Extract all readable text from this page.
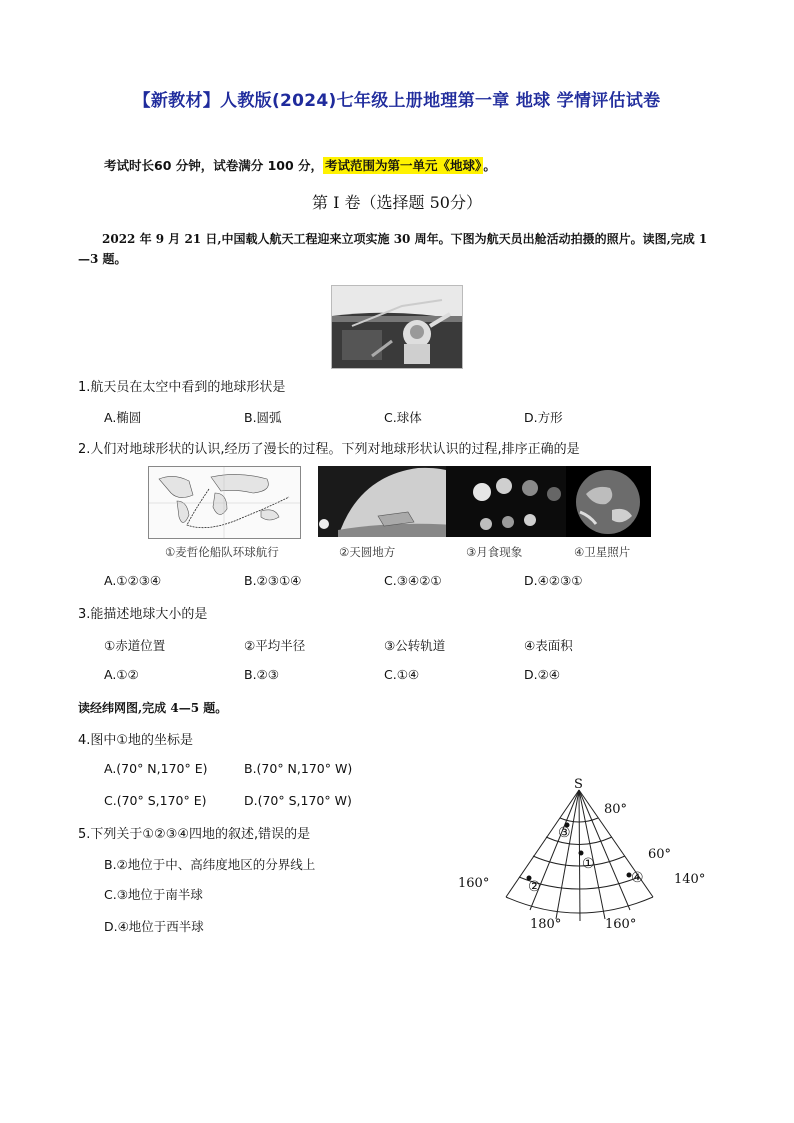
【新教材】人教版(2024)七年级上册地理第一章 地球 学情评估试卷
考试时长60 分钟，试卷满分 100 分， 考试范围为第一单元《地球》 。
第 I 卷（选择题 50分）
2022 年 9 月 21 日,中国载人航天工程迎来立项实施 30 周年。下图为航天员出舱活动拍摄的照片。读图,完成 1—3 题。
1.航天员在太空中看到的地球形状是
A.椭圆	B.圆弧	C.球体	D.方形
2.人们对地球形状的认识,经历了漫长的过程。下列对地球形状认识的过程,排序正确的是
①麦哲伦船队环球航行	②天圆地方	③月食现象	④卫星照片
A.①②③④	B.②③①④	C.③④②①	D.④②③①
3.能描述地球大小的是
①赤道位置	②平均半径	③公转轨道	④表面积
A.①②	B.②③	C.①④	D.②④
读经纬网图,完成 4—5 题。
4.图中①地的坐标是
A.(70° N,170° E)	B.(70° N,170° W)
C.(70° S,170° E)	D.(70° S,170° W)
5.下列关于①②③④四地的叙述,错误的是
B.②地位于中、高纬度地区的分界线上
C.③地位于南半球
D.④地位于西半球
S
80°
60°
160°
180°	160°
140°
③
①
②
④
